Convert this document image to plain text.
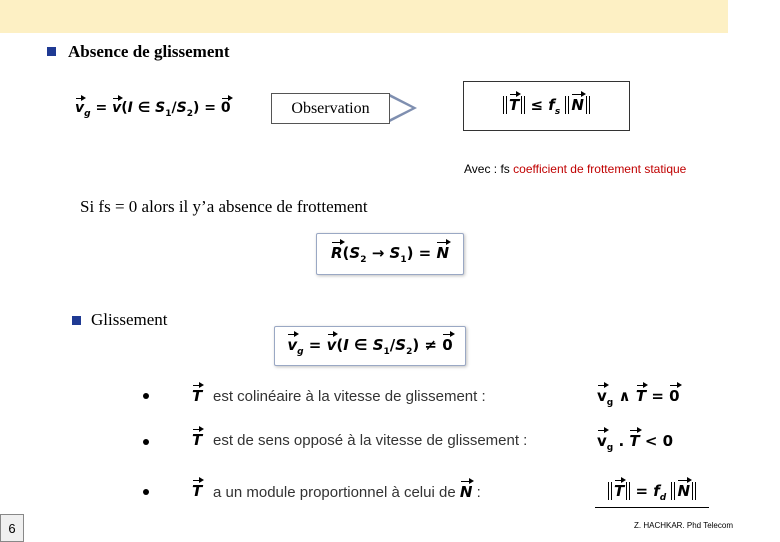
Absence de glissement
$v_g = v(I$ ∈ $S_1/S_2) = 0$	Observation	$T \le f_s$ N
Avec : fs coefficient de frottement statique
Si fs = 0 alors il y’a absence de frottement
$R(S_2 \to S_1) = N$
Glissement
$v_g = v(I$ ∈ $S_1/S_2) \ne 0$
T est colinéaire à la vitesse de glissement :	$v_g$ ∧ T = 0
T est de sens opposé à la vitesse de glissement :	$v_g$ . T < 0
T a un module proportionnel à celui de N :	$T = f_d$ N
6	Z. HACHKAR. Phd Telecom
